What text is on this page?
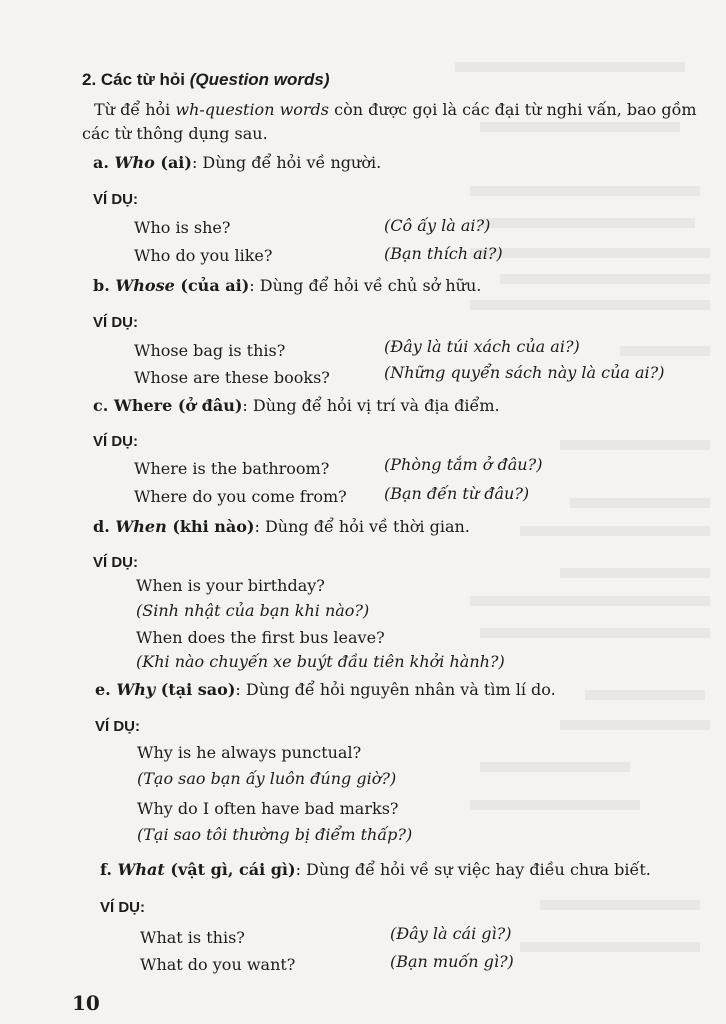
2. Các từ hỏi (Question words)
Từ để hỏi wh-question words còn được gọi là các đại từ nghi vấn, bao gồm
các từ thông dụng sau.
a. Who (ai): Dùng để hỏi về người.
VÍ DỤ:
Who is she?	(Cô ấy là ai?)
Who do you like?	(Bạn thích ai?)
b. Whose (của ai): Dùng để hỏi về chủ sở hữu.
VÍ DỤ:
Whose bag is this?	(Đây là túi xách của ai?)
Whose are these books?	(Những quyển sách này là của ai?)
c. Where (ở đâu): Dùng để hỏi vị trí và địa điểm.
VÍ DỤ:
Where is the bathroom?	(Phòng tắm ở đâu?)
Where do you come from? (Bạn đến từ đâu?)
d. When (khi nào): Dùng để hỏi về thời gian.
VÍ DỤ:
When is your birthday?
(Sinh nhật của bạn khi nào?)
When does the first bus leave?
(Khi nào chuyến xe buýt đầu tiên khởi hành?)
e. Why (tại sao): Dùng để hỏi nguyên nhân và tìm lí do.
VÍ DỤ:
Why is he always punctual?
(Tạo sao bạn ấy luôn đúng giờ?)
Why do I often have bad marks?
(Tại sao tôi thường bị điểm thấp?)
f. What (vật gì, cái gì): Dùng để hỏi về sự việc hay điều chưa biết.
VÍ DỤ:
What is this?	(Đây là cái gì?)
What do you want?	(Bạn muốn gì?)
10
